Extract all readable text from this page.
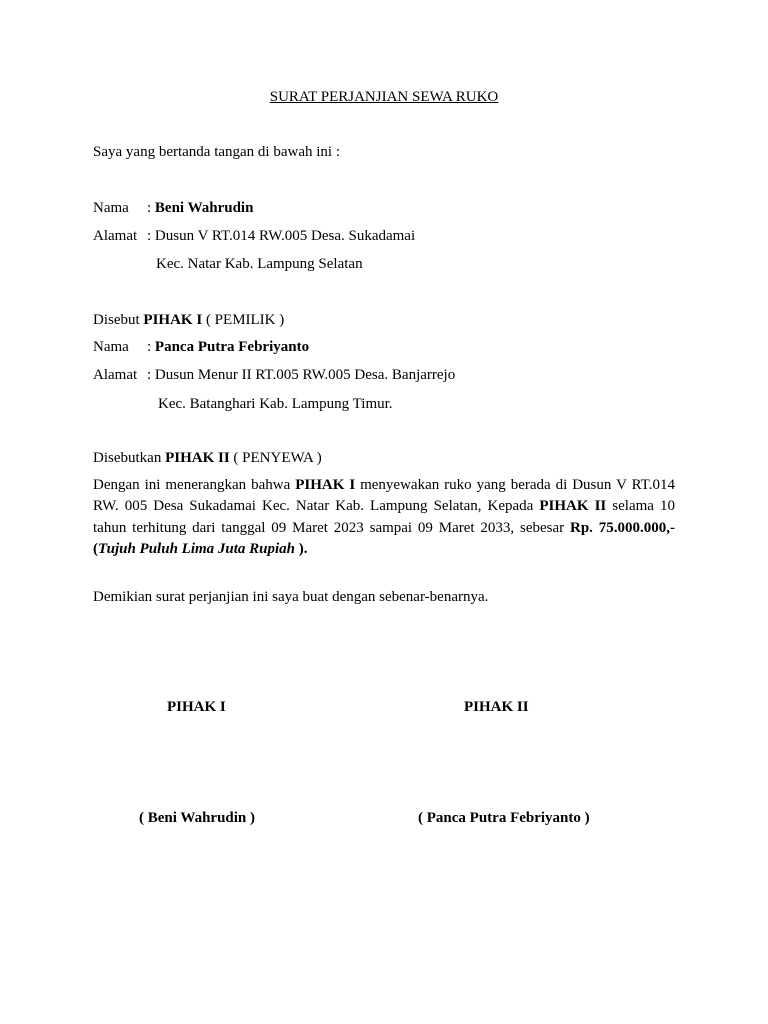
SURAT PERJANJIAN SEWA RUKO
Saya yang bertanda tangan di bawah ini :
Nama : Beni Wahrudin
Alamat : Dusun V RT.014 RW.005 Desa. Sukadamai
Kec. Natar Kab. Lampung Selatan
Disebut PIHAK I ( PEMILIK )
Nama : Panca Putra Febriyanto
Alamat : Dusun Menur II RT.005 RW.005 Desa. Banjarrejo
Kec. Batanghari Kab. Lampung Timur.
Disebutkan PIHAK II ( PENYEWA )
Dengan ini menerangkan bahwa PIHAK I menyewakan ruko yang berada di Dusun V RT.014 RW. 005 Desa Sukadamai Kec. Natar Kab. Lampung Selatan, Kepada PIHAK II selama 10 tahun terhitung dari tanggal 09 Maret 2023 sampai 09 Maret 2033, sebesar Rp. 75.000.000,- (Tujuh Puluh Lima Juta Rupiah ).
Demikian surat perjanjian ini saya buat dengan sebenar-benarnya.
PIHAK I	PIHAK II
( Beni Wahrudin )	( Panca Putra Febriyanto )
